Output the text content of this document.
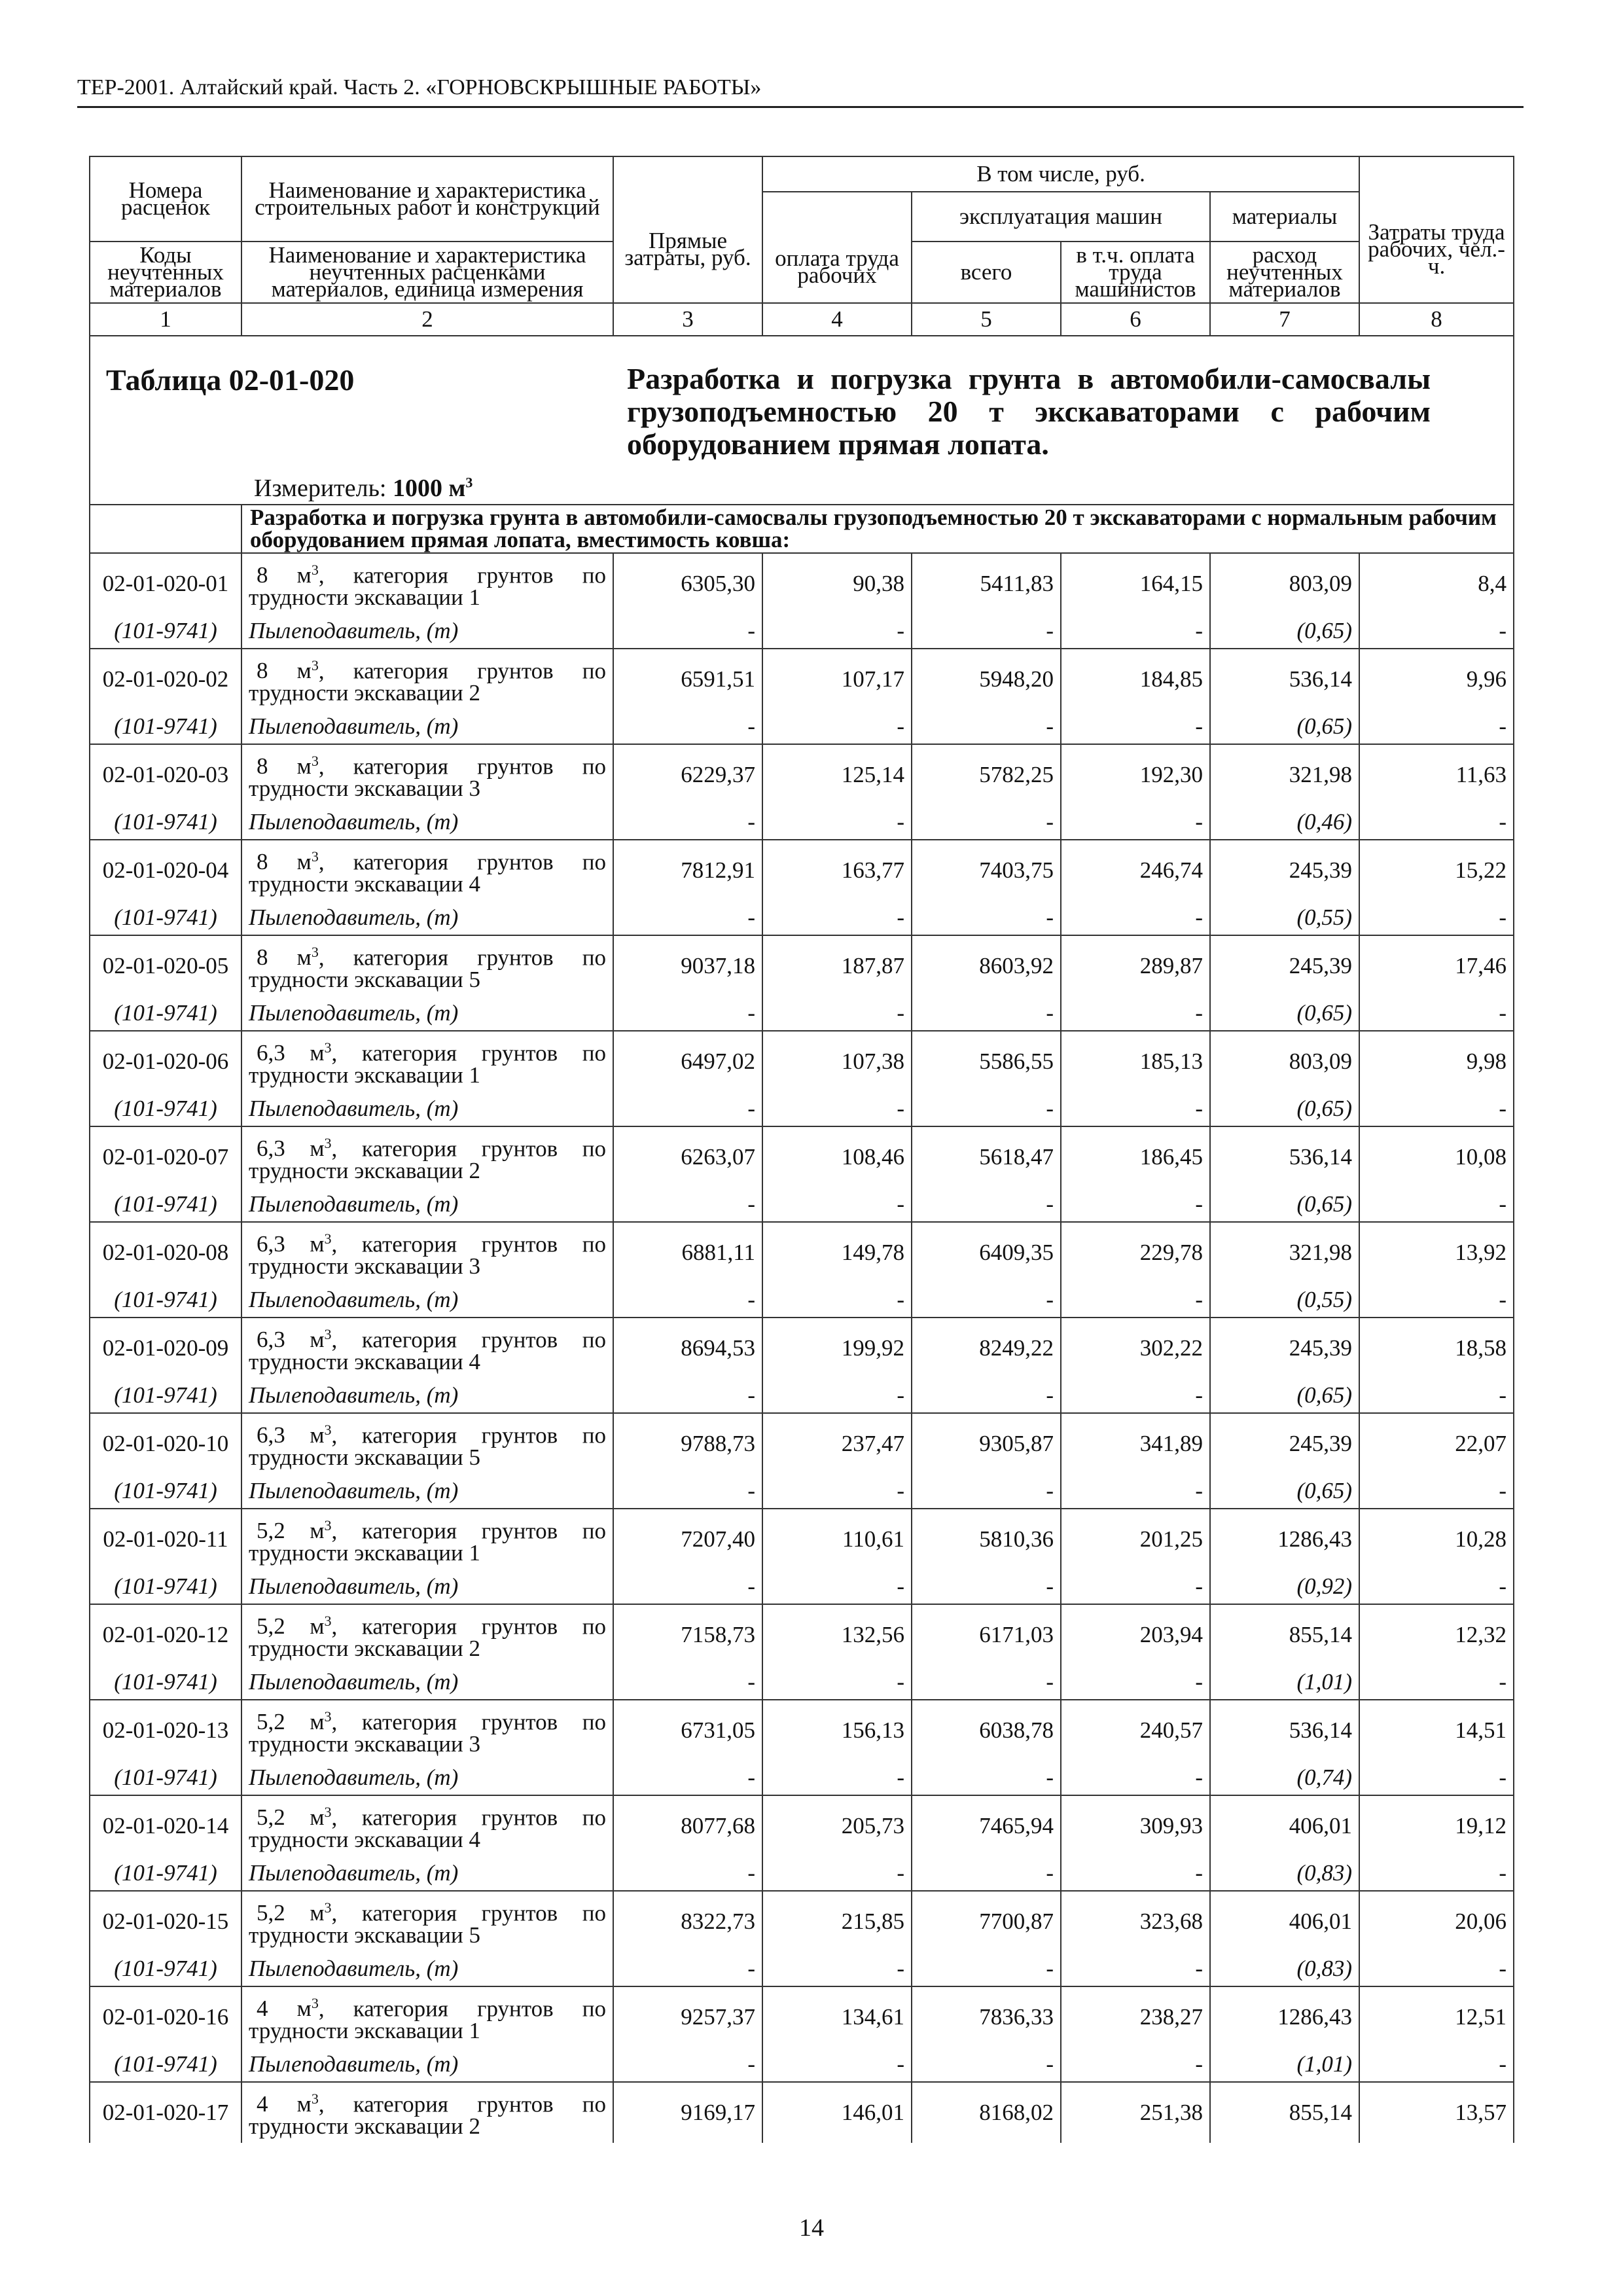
ТЕР-2001. Алтайский край. Часть 2. «ГОРНОВСКРЫШНЫЕ РАБОТЫ»
Номера расценок	Наименование и характеристика строительных работ и конструкций	Прямые затраты, руб.	В том числе, руб.				Затраты труда рабочих, чел.-ч.
			оплата труда рабочих	эксплуатация машин		материалы	
Коды неучтенных материалов	Наименование и характеристика неучтенных расценками материалов, единица измерения			всего	в т.ч. оплата труда машинистов	расход неучтенных материалов	
1	2	3	4	5	6	7	8

Таблица 02-01-020 Разработка и погрузка грунта в автомобили-самосвалы грузоподъемностью 20 т экскаваторами с рабочим оборудованием прямая лопата.
Измеритель: 1000 $м^3$

	Разработка и погрузка грунта в автомобили-самосвалы грузоподъемностью 20 т экскаваторами с нормальным рабочим оборудованием прямая лопата, вместимость ковша:						
02-01-020-01	8 $м^3$, категория грунтов по трудности экскавации 1	6305,30	90,38	5411,83	164,15	803,09	8,4
(101-9741)	Пылеподавитель, (т)	-	-	-	-	(0,65)	-
02-01-020-02	8 $м^3$, категория грунтов по трудности экскавации 2	6591,51	107,17	5948,20	184,85	536,14	9,96
(101-9741)	Пылеподавитель, (т)	-	-	-	-	(0,65)	-
02-01-020-03	8 $м^3$, категория грунтов по трудности экскавации 3	6229,37	125,14	5782,25	192,30	321,98	11,63
(101-9741)	Пылеподавитель, (т)	-	-	-	-	(0,46)	-
02-01-020-04	8 $м^3$, категория грунтов по трудности экскавации 4	7812,91	163,77	7403,75	246,74	245,39	15,22
(101-9741)	Пылеподавитель, (т)	-	-	-	-	(0,55)	-
02-01-020-05	8 $м^3$, категория грунтов по трудности экскавации 5	9037,18	187,87	8603,92	289,87	245,39	17,46
(101-9741)	Пылеподавитель, (т)	-	-	-	-	(0,65)	-
02-01-020-06	6,3 $м^3$, категория грунтов по трудности экскавации 1	6497,02	107,38	5586,55	185,13	803,09	9,98
(101-9741)	Пылеподавитель, (т)	-	-	-	-	(0,65)	-
02-01-020-07	6,3 $м^3$, категория грунтов по трудности экскавации 2	6263,07	108,46	5618,47	186,45	536,14	10,08
(101-9741)	Пылеподавитель, (т)	-	-	-	-	(0,65)	-
02-01-020-08	6,3 $м^3$, категория грунтов по трудности экскавации 3	6881,11	149,78	6409,35	229,78	321,98	13,92
(101-9741)	Пылеподавитель, (т)	-	-	-	-	(0,55)	-
02-01-020-09	6,3 $м^3$, категория грунтов по трудности экскавации 4	8694,53	199,92	8249,22	302,22	245,39	18,58
(101-9741)	Пылеподавитель, (т)	-	-	-	-	(0,65)	-
02-01-020-10	6,3 $м^3$, категория грунтов по трудности экскавации 5	9788,73	237,47	9305,87	341,89	245,39	22,07
(101-9741)	Пылеподавитель, (т)	-	-	-	-	(0,65)	-
02-01-020-11	5,2 $м^3$, категория грунтов по трудности экскавации 1	7207,40	110,61	5810,36	201,25	1286,43	10,28
(101-9741)	Пылеподавитель, (т)	-	-	-	-	(0,92)	-
02-01-020-12	5,2 $м^3$, категория грунтов по трудности экскавации 2	7158,73	132,56	6171,03	203,94	855,14	12,32
(101-9741)	Пылеподавитель, (т)	-	-	-	-	(1,01)	-
02-01-020-13	5,2 $м^3$, категория грунтов по трудности экскавации 3	6731,05	156,13	6038,78	240,57	536,14	14,51
(101-9741)	Пылеподавитель, (т)	-	-	-	-	(0,74)	-
02-01-020-14	5,2 $м^3$, категория грунтов по трудности экскавации 4	8077,68	205,73	7465,94	309,93	406,01	19,12
(101-9741)	Пылеподавитель, (т)	-	-	-	-	(0,83)	-
02-01-020-15	5,2 $м^3$, категория грунтов по трудности экскавации 5	8322,73	215,85	7700,87	323,68	406,01	20,06
(101-9741)	Пылеподавитель, (т)	-	-	-	-	(0,83)	-
02-01-020-16	4 $м^3$, категория грунтов по трудности экскавации 1	9257,37	134,61	7836,33	238,27	1286,43	12,51
(101-9741)	Пылеподавитель, (т)	-	-	-	-	(1,01)	-
02-01-020-17	4 $м^3$, категория грунтов по трудности экскавации 2	9169,17	146,01	8168,02	251,38	855,14	13,57
14
